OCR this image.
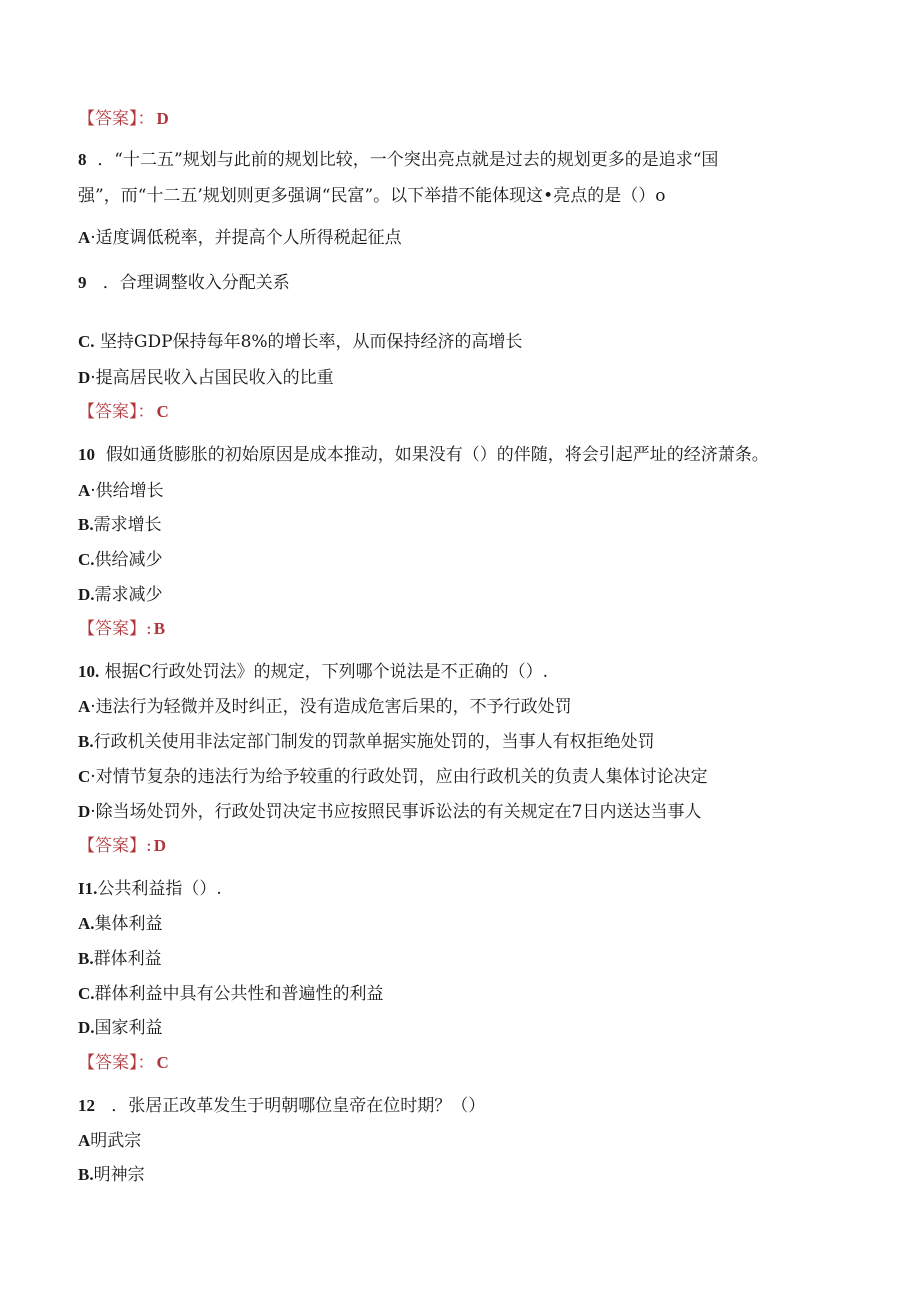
【答案】： D
8 ．“十二五”规划与此前的规划比较，一个突出亮点就是过去的规划更多的是追求“国
强”，而“十二五’规划则更多强调“民富”。以下举措不能体现这•亮点的是（）o
A·适度调低税率，并提高个人所得税起征点
9 ．合理调整收入分配关系
C. 坚持GDP保持每年8%的增长率，从而保持经济的高增长
D·提高居民收入占国民收入的比重
【答案】： C
10 假如通货膨胀的初始原因是成本推动，如果没有（）的伴随，将会引起严址的经济萧条。
A·供给增长
B.需求增长
C.供给减少
D.需求减少
【答案】: B
10. 根据C行政处罚法》的规定，下列哪个说法是不正确的（）.
A·违法行为轻微并及时纠正，没有造成危害后果的，不予行政处罚
B.行政机关使用非法定部门制发的罚款单据实施处罚的，当事人有权拒绝处罚
C·对情节复杂的违法行为给予较重的行政处罚，应由行政机关的负责人集体讨论决定
D·除当场处罚外，行政处罚决定书应按照民事诉讼法的有关规定在7日内送达当事人
【答案】: D
I1.公共利益指（）.
A.集体利益
B.群体利益
C.群体利益中具有公共性和普遍性的利益
D.国家利益
【答案】： C
12 ．张居正改革发生于明朝哪位皇帝在位时期？（）
A明武宗
B.明神宗
